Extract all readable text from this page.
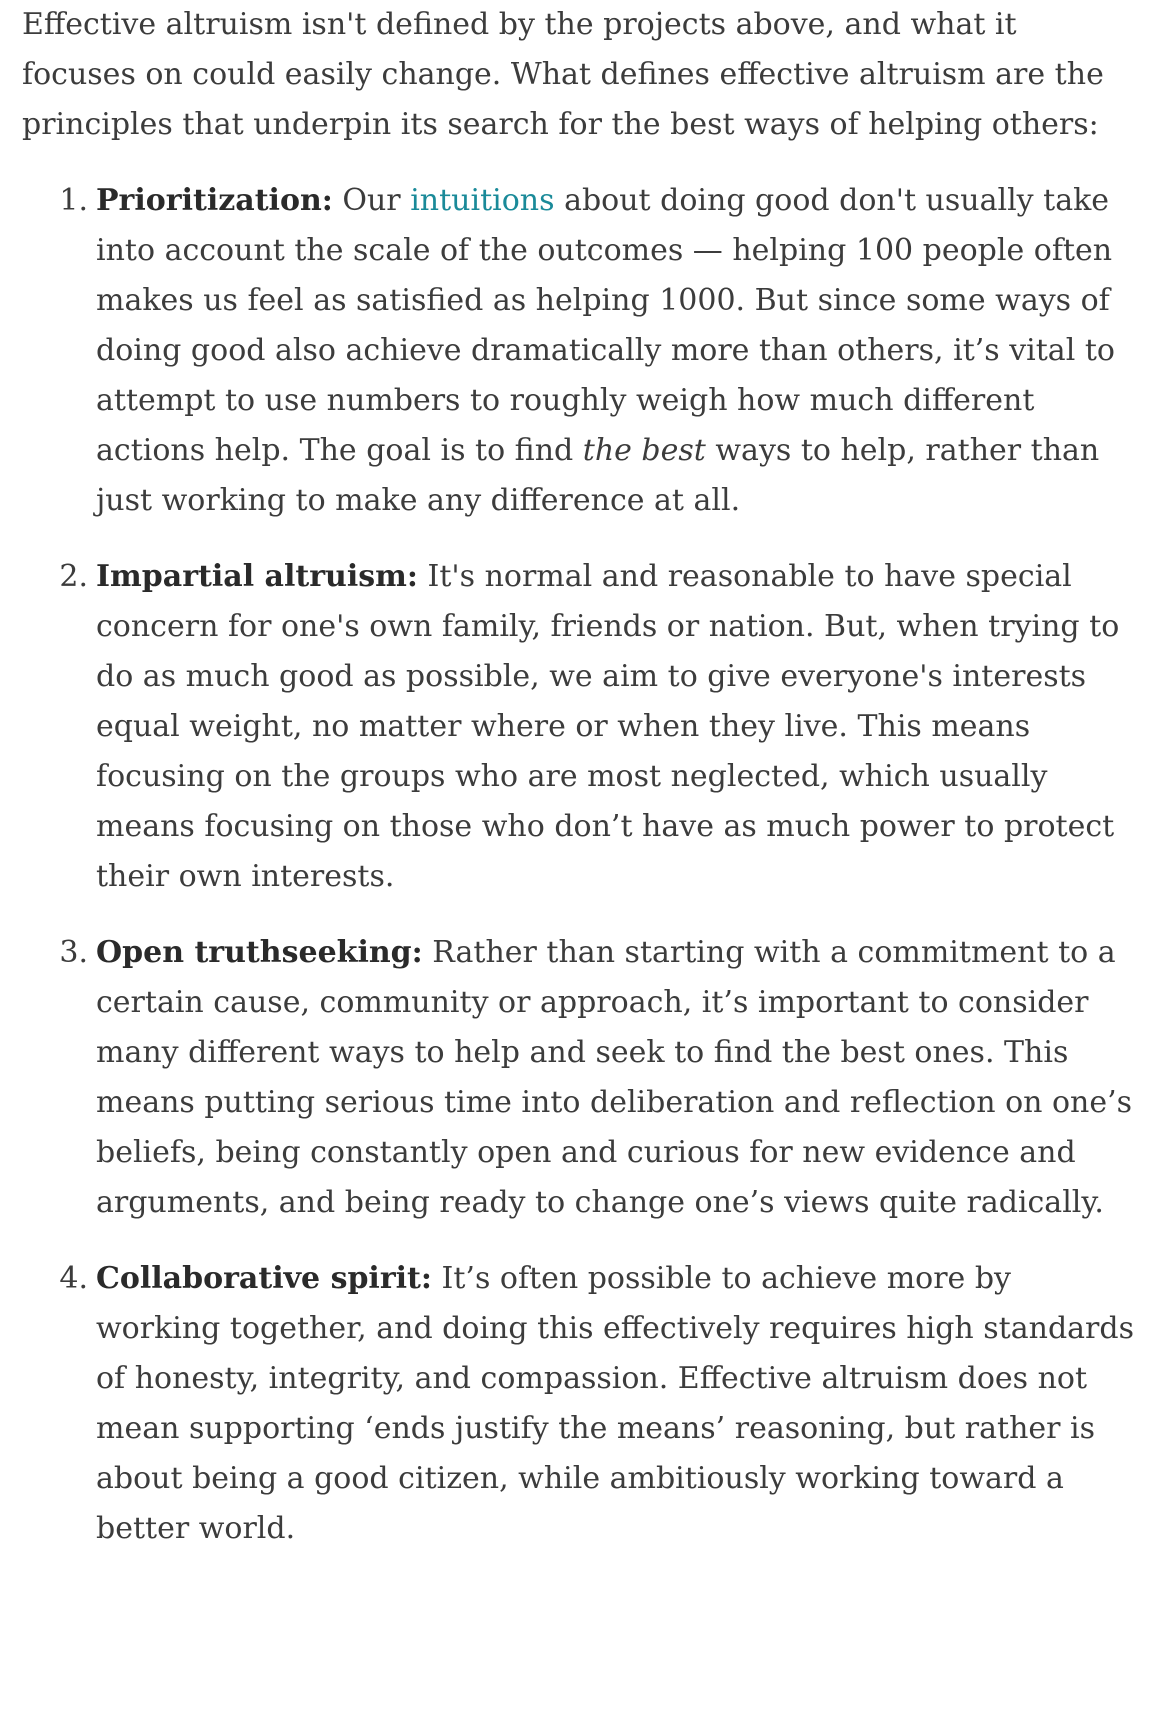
Effective altruism isn't defined by the projects above, and what it focuses on could easily change. What defines effective altruism are the principles that underpin its search for the best ways of helping others:

1. Prioritization: Our intuitions about doing good don't usually take into account the scale of the outcomes — helping 100 people often makes us feel as satisfied as helping 1000. But since some ways of doing good also achieve dramatically more than others, it’s vital to attempt to use numbers to roughly weigh how much different actions help. The goal is to find the best ways to help, rather than just working to make any difference at all.

2. Impartial altruism: It's normal and reasonable to have special concern for one's own family, friends or nation. But, when trying to do as much good as possible, we aim to give everyone's interests equal weight, no matter where or when they live. This means focusing on the groups who are most neglected, which usually means focusing on those who don’t have as much power to protect their own interests.

3. Open truthseeking: Rather than starting with a commitment to a certain cause, community or approach, it’s important to consider many different ways to help and seek to find the best ones. This means putting serious time into deliberation and reflection on one’s beliefs, being constantly open and curious for new evidence and arguments, and being ready to change one’s views quite radically.

4. Collaborative spirit: It’s often possible to achieve more by working together, and doing this effectively requires high standards of honesty, integrity, and compassion. Effective altruism does not mean supporting ‘ends justify the means’ reasoning, but rather is about being a good citizen, while ambitiously working toward a better world.
